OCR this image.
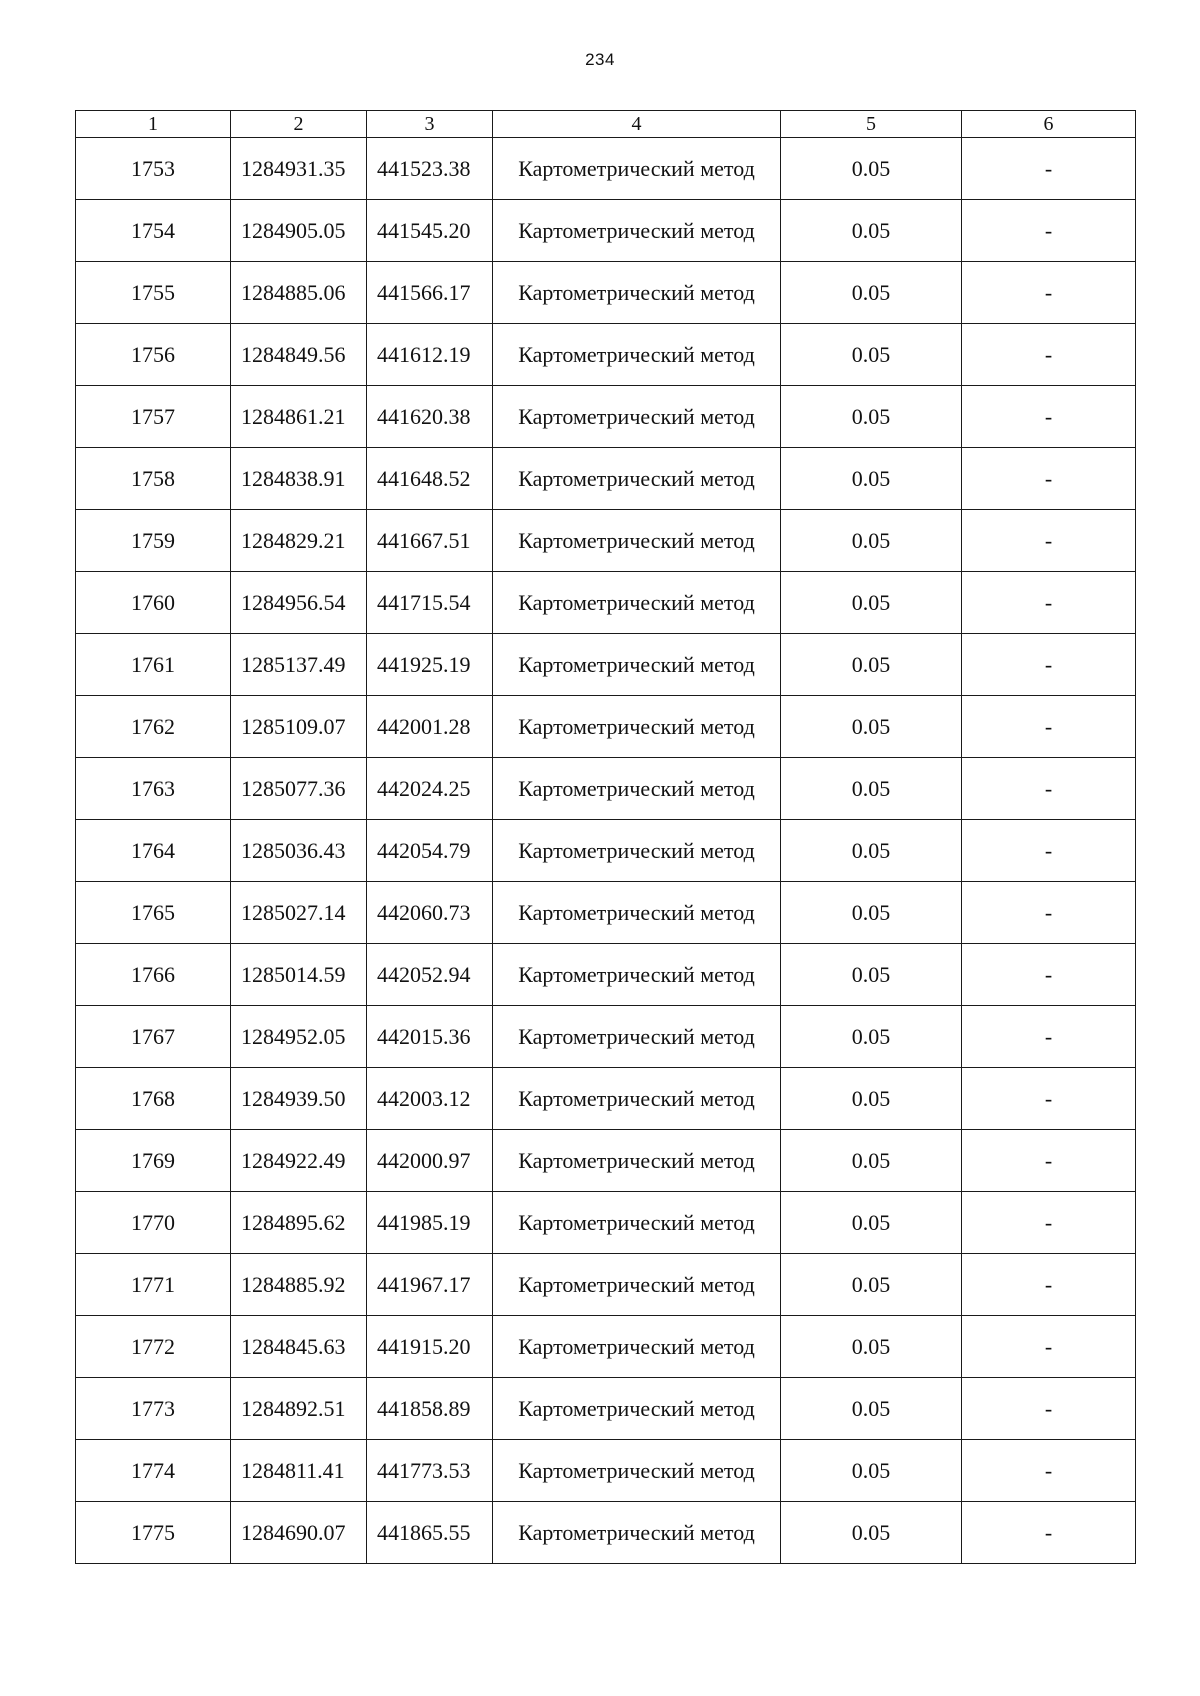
234
1	2	3	4	5	6
1753	1284931.35	441523.38	Картометрический метод	0.05	-
1754	1284905.05	441545.20	Картометрический метод	0.05	-
1755	1284885.06	441566.17	Картометрический метод	0.05	-
1756	1284849.56	441612.19	Картометрический метод	0.05	-
1757	1284861.21	441620.38	Картометрический метод	0.05	-
1758	1284838.91	441648.52	Картометрический метод	0.05	-
1759	1284829.21	441667.51	Картометрический метод	0.05	-
1760	1284956.54	441715.54	Картометрический метод	0.05	-
1761	1285137.49	441925.19	Картометрический метод	0.05	-
1762	1285109.07	442001.28	Картометрический метод	0.05	-
1763	1285077.36	442024.25	Картометрический метод	0.05	-
1764	1285036.43	442054.79	Картометрический метод	0.05	-
1765	1285027.14	442060.73	Картометрический метод	0.05	-
1766	1285014.59	442052.94	Картометрический метод	0.05	-
1767	1284952.05	442015.36	Картометрический метод	0.05	-
1768	1284939.50	442003.12	Картометрический метод	0.05	-
1769	1284922.49	442000.97	Картометрический метод	0.05	-
1770	1284895.62	441985.19	Картометрический метод	0.05	-
1771	1284885.92	441967.17	Картометрический метод	0.05	-
1772	1284845.63	441915.20	Картометрический метод	0.05	-
1773	1284892.51	441858.89	Картометрический метод	0.05	-
1774	1284811.41	441773.53	Картометрический метод	0.05	-
1775	1284690.07	441865.55	Картометрический метод	0.05	-
